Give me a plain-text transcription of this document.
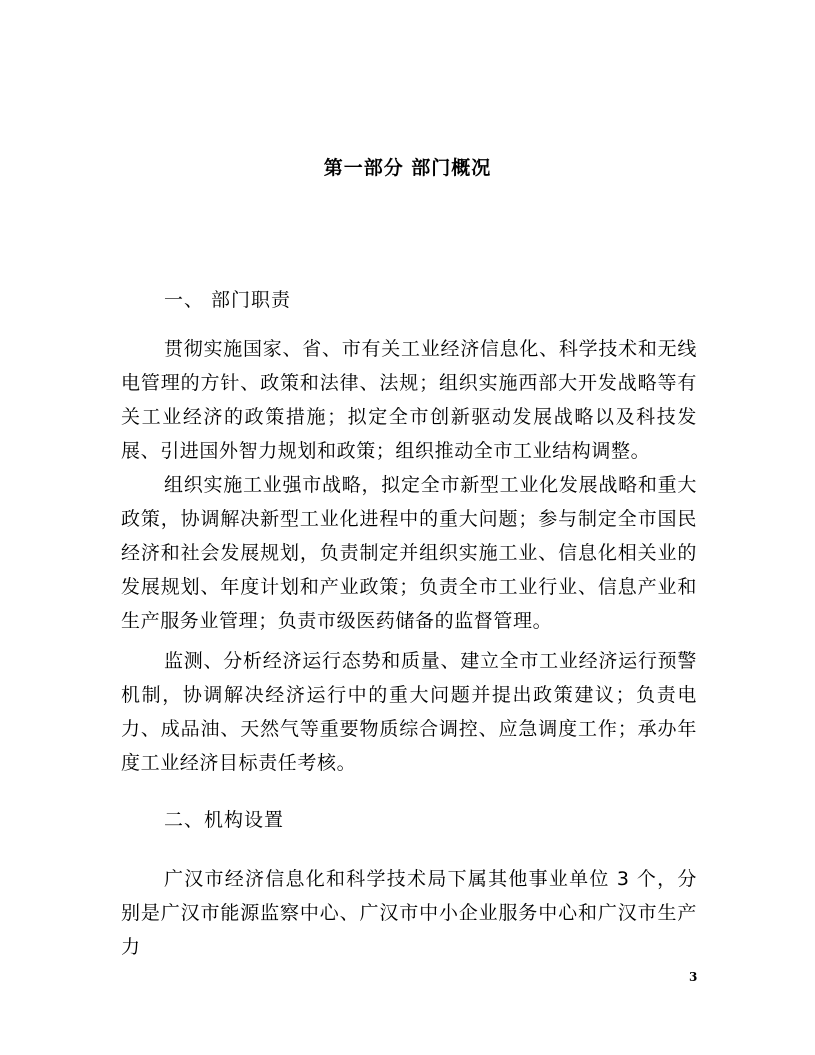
第一部分 部门概况
一、 部门职责
贯彻实施国家、省、市有关工业经济信息化、科学技术和无线电管理的方针、政策和法律、法规；组织实施西部大开发战略等有关工业经济的政策措施；拟定全市创新驱动发展战略以及科技发展、引进国外智力规划和政策；组织推动全市工业结构调整。
组织实施工业强市战略，拟定全市新型工业化发展战略和重大政策，协调解决新型工业化进程中的重大问题；参与制定全市国民经济和社会发展规划，负责制定并组织实施工业、信息化相关业的发展规划、年度计划和产业政策；负责全市工业行业、信息产业和生产服务业管理；负责市级医药储备的监督管理。
监测、分析经济运行态势和质量、建立全市工业经济运行预警机制，协调解决经济运行中的重大问题并提出政策建议；负责电力、成品油、天然气等重要物质综合调控、应急调度工作；承办年度工业经济目标责任考核。
二、机构设置
广汉市经济信息化和科学技术局下属其他事业单位 3 个，分别是广汉市能源监察中心、广汉市中小企业服务中心和广汉市生产力
3
